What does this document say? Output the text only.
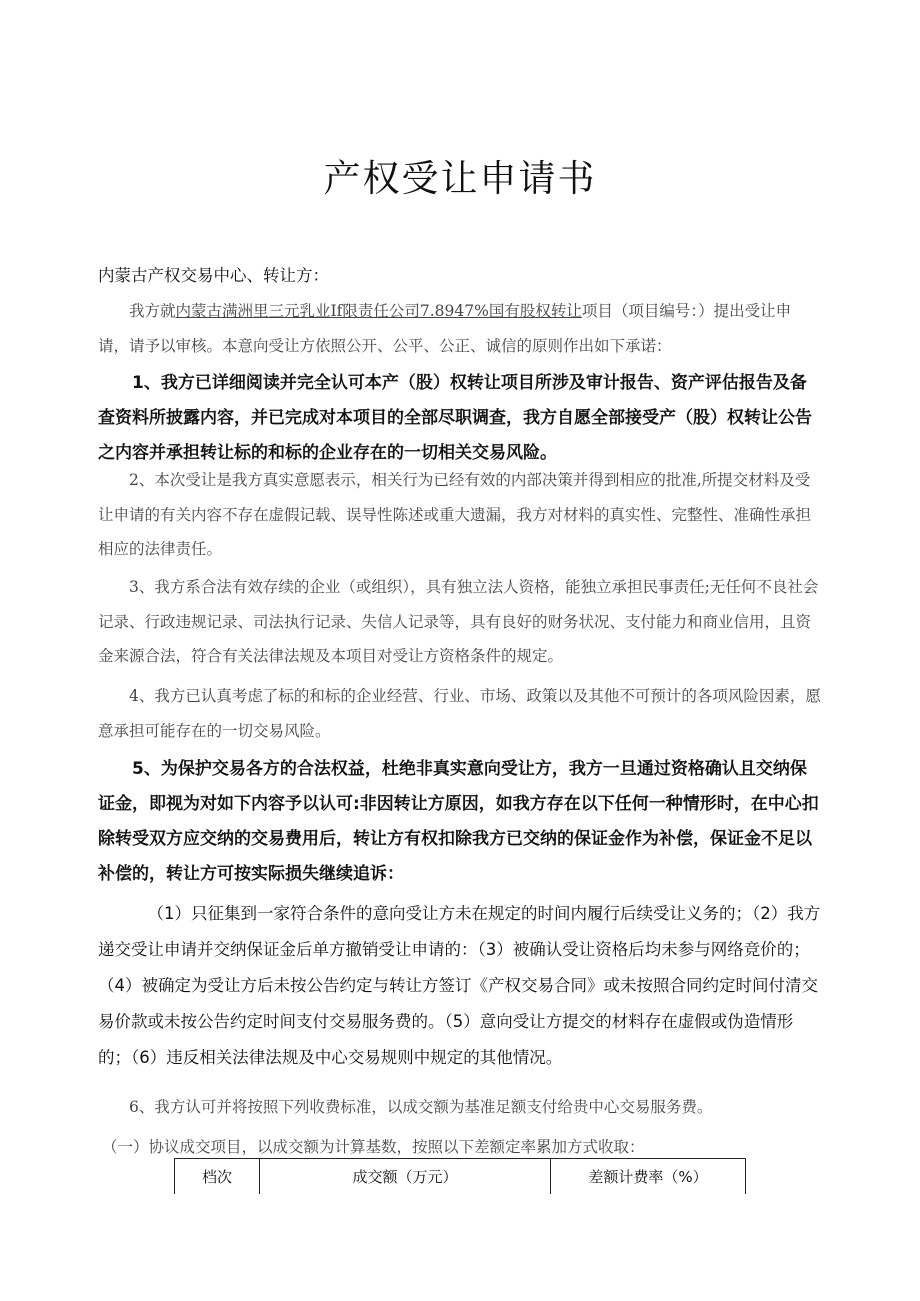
产权受让申请书
内蒙古产权交易中心、转让方：

我方就内蒙古满洲里三元乳业If限责任公司7.8947%国有股权转让项目（项目编号：）提出受让申请，请予以审核。本意向受让方依照公开、公平、公正、诚信的原则作出如下承诺：

1、我方已详细阅读并完全认可本产（股）权转让项目所涉及审计报告、资产评估报告及备查资料所披露内容，并已完成对本项目的全部尽职调查，我方自愿全部接受产（股）权转让公告之内容并承担转让标的和标的企业存在的一切相关交易风险。

2、本次受让是我方真实意愿表示，相关行为已经有效的内部决策并得到相应的批准,所提交材料及受让申请的有关内容不存在虚假记载、误导性陈述或重大遗漏，我方对材料的真实性、完整性、准确性承担相应的法律责任。

3、我方系合法有效存续的企业（或组织），具有独立法人资格，能独立承担民事责任;无任何不良社会记录、行政违规记录、司法执行记录、失信人记录等，具有良好的财务状况、支付能力和商业信用，且资金来源合法，符合有关法律法规及本项目对受让方资格条件的规定。

4、我方已认真考虑了标的和标的企业经营、行业、市场、政策以及其他不可预计的各项风险因素，愿意承担可能存在的一切交易风险。

5、为保护交易各方的合法权益，杜绝非真实意向受让方，我方一旦通过资格确认且交纳保证金，即视为对如下内容予以认可:非因转让方原因，如我方存在以下任何一种情形时，在中心扣除转受双方应交纳的交易费用后，转让方有权扣除我方已交纳的保证金作为补偿，保证金不足以补偿的，转让方可按实际损失继续追诉：

（1）只征集到一家符合条件的意向受让方未在规定的时间内履行后续受让义务的；（2）我方递交受让申请并交纳保证金后单方撤销受让申请的：（3）被确认受让资格后均未参与网络竞价的；（4）被确定为受让方后未按公告约定与转让方签订《产权交易合同》或未按照合同约定时间付清交易价款或未按公告约定时间支付交易服务费的。（5）意向受让方提交的材料存在虚假或伪造情形的；（6）违反相关法律法规及中心交易规则中规定的其他情况。

6、我方认可并将按照下列收费标准，以成交额为基准足额支付给贵中心交易服务费。

（一）协议成交项目，以成交额为计算基数，按照以下差额定率累加方式收取：

档次	成交额（万元）	差额计费率（%）
